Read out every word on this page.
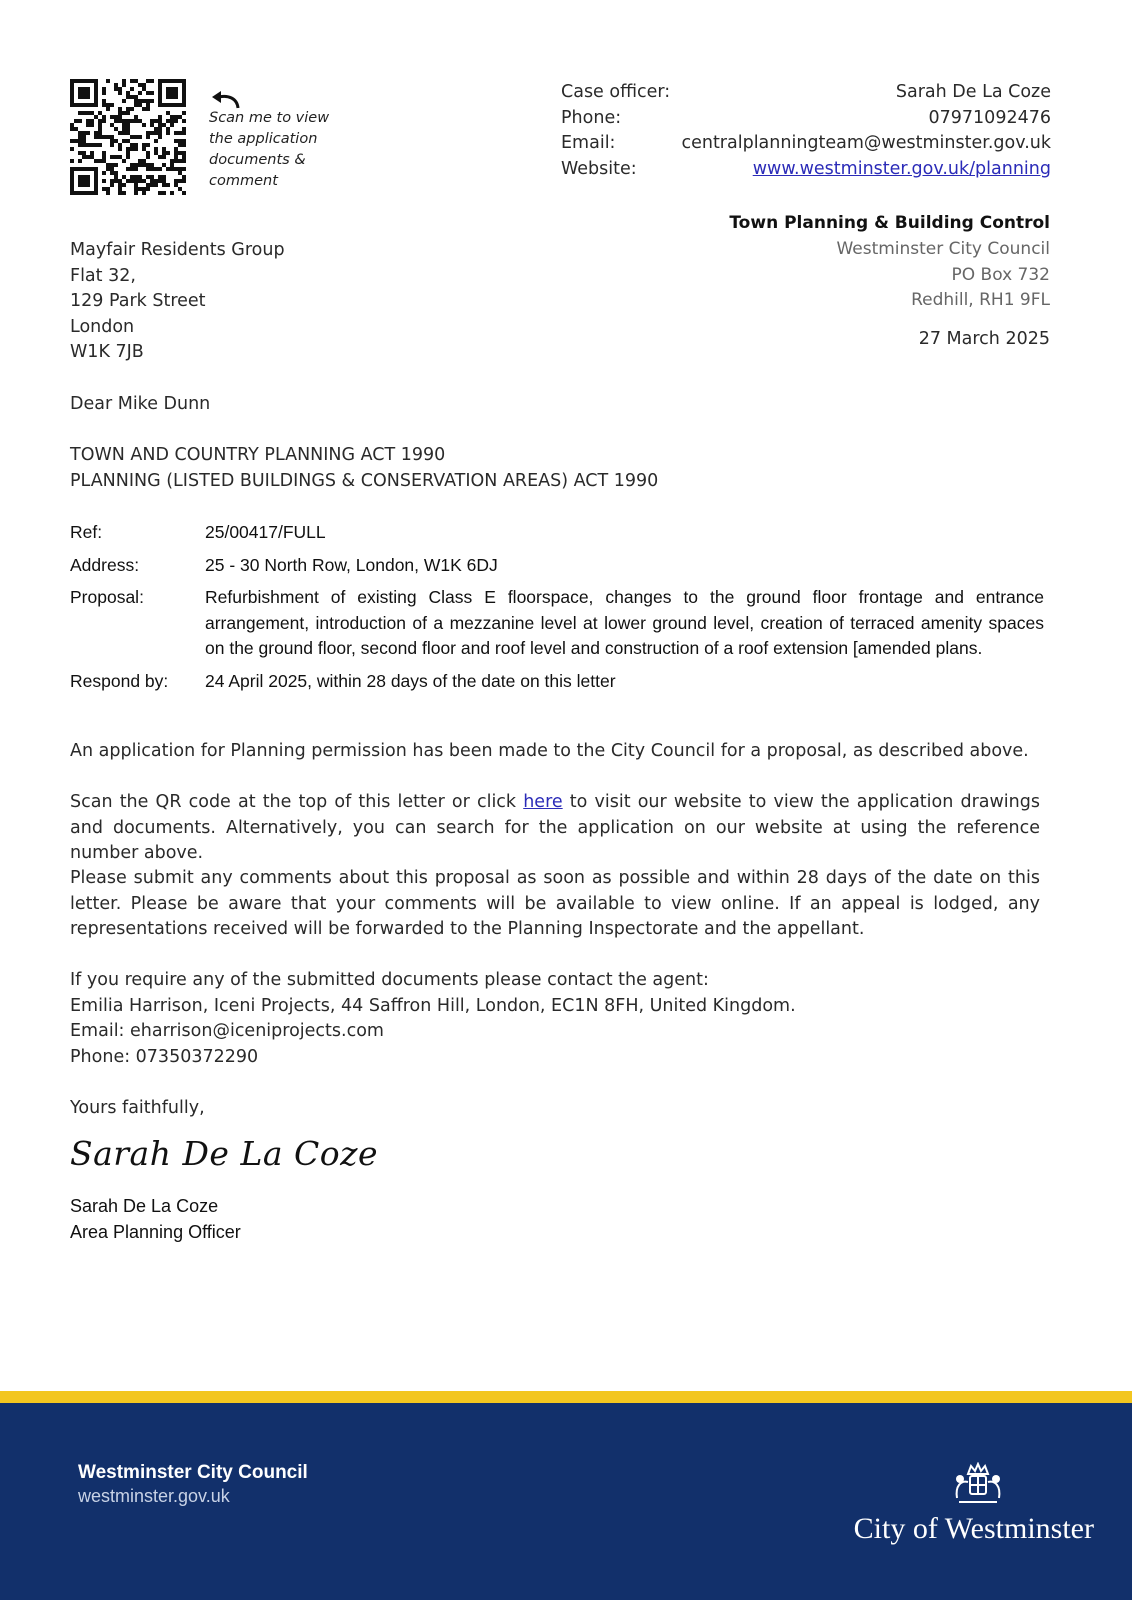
Scan me to view
the application
documents &
comment
Case officer:	Sarah De La Coze
Phone:	07971092476
Email:	centralplanningteam@westminster.gov.uk
Website:	www.westminster.gov.uk/planning
Town Planning & Building Control
Westminster City Council
PO Box 732
Redhill, RH1 9FL
27 March 2025
Mayfair Residents Group
Flat 32,
129 Park Street
London
W1K 7JB
Dear Mike Dunn
TOWN AND COUNTRY PLANNING ACT 1990
PLANNING (LISTED BUILDINGS & CONSERVATION AREAS) ACT 1990
Ref:	25/00417/FULL
Address:	25 - 30 North Row, London, W1K 6DJ
Proposal:	Refurbishment of existing Class E floorspace, changes to the ground floor frontage and entrance arrangement, introduction of a mezzanine level at lower ground level, creation of terraced amenity spaces on the ground floor, second floor and roof level and construction of a roof extension [amended plans.
Respond by:	24 April 2025, within 28 days of the date on this letter
An application for Planning permission has been made to the City Council for a proposal, as described above.
Scan the QR code at the top of this letter or click here to visit our website to view the application drawings and documents. Alternatively, you can search for the application on our website at using the reference number above.
Please submit any comments about this proposal as soon as possible and within 28 days of the date on this letter. Please be aware that your comments will be available to view online. If an appeal is lodged, any representations received will be forwarded to the Planning Inspectorate and the appellant.
If you require any of the submitted documents please contact the agent:
Emilia Harrison, Iceni Projects, 44 Saffron Hill, London, EC1N 8FH, United Kingdom.
Email: eharrison@iceniprojects.com
Phone: 07350372290
Yours faithfully,
Sarah De La Coze
Sarah De La Coze
Area Planning Officer
Westminster City Council
westminster.gov.uk
City of Westminster
